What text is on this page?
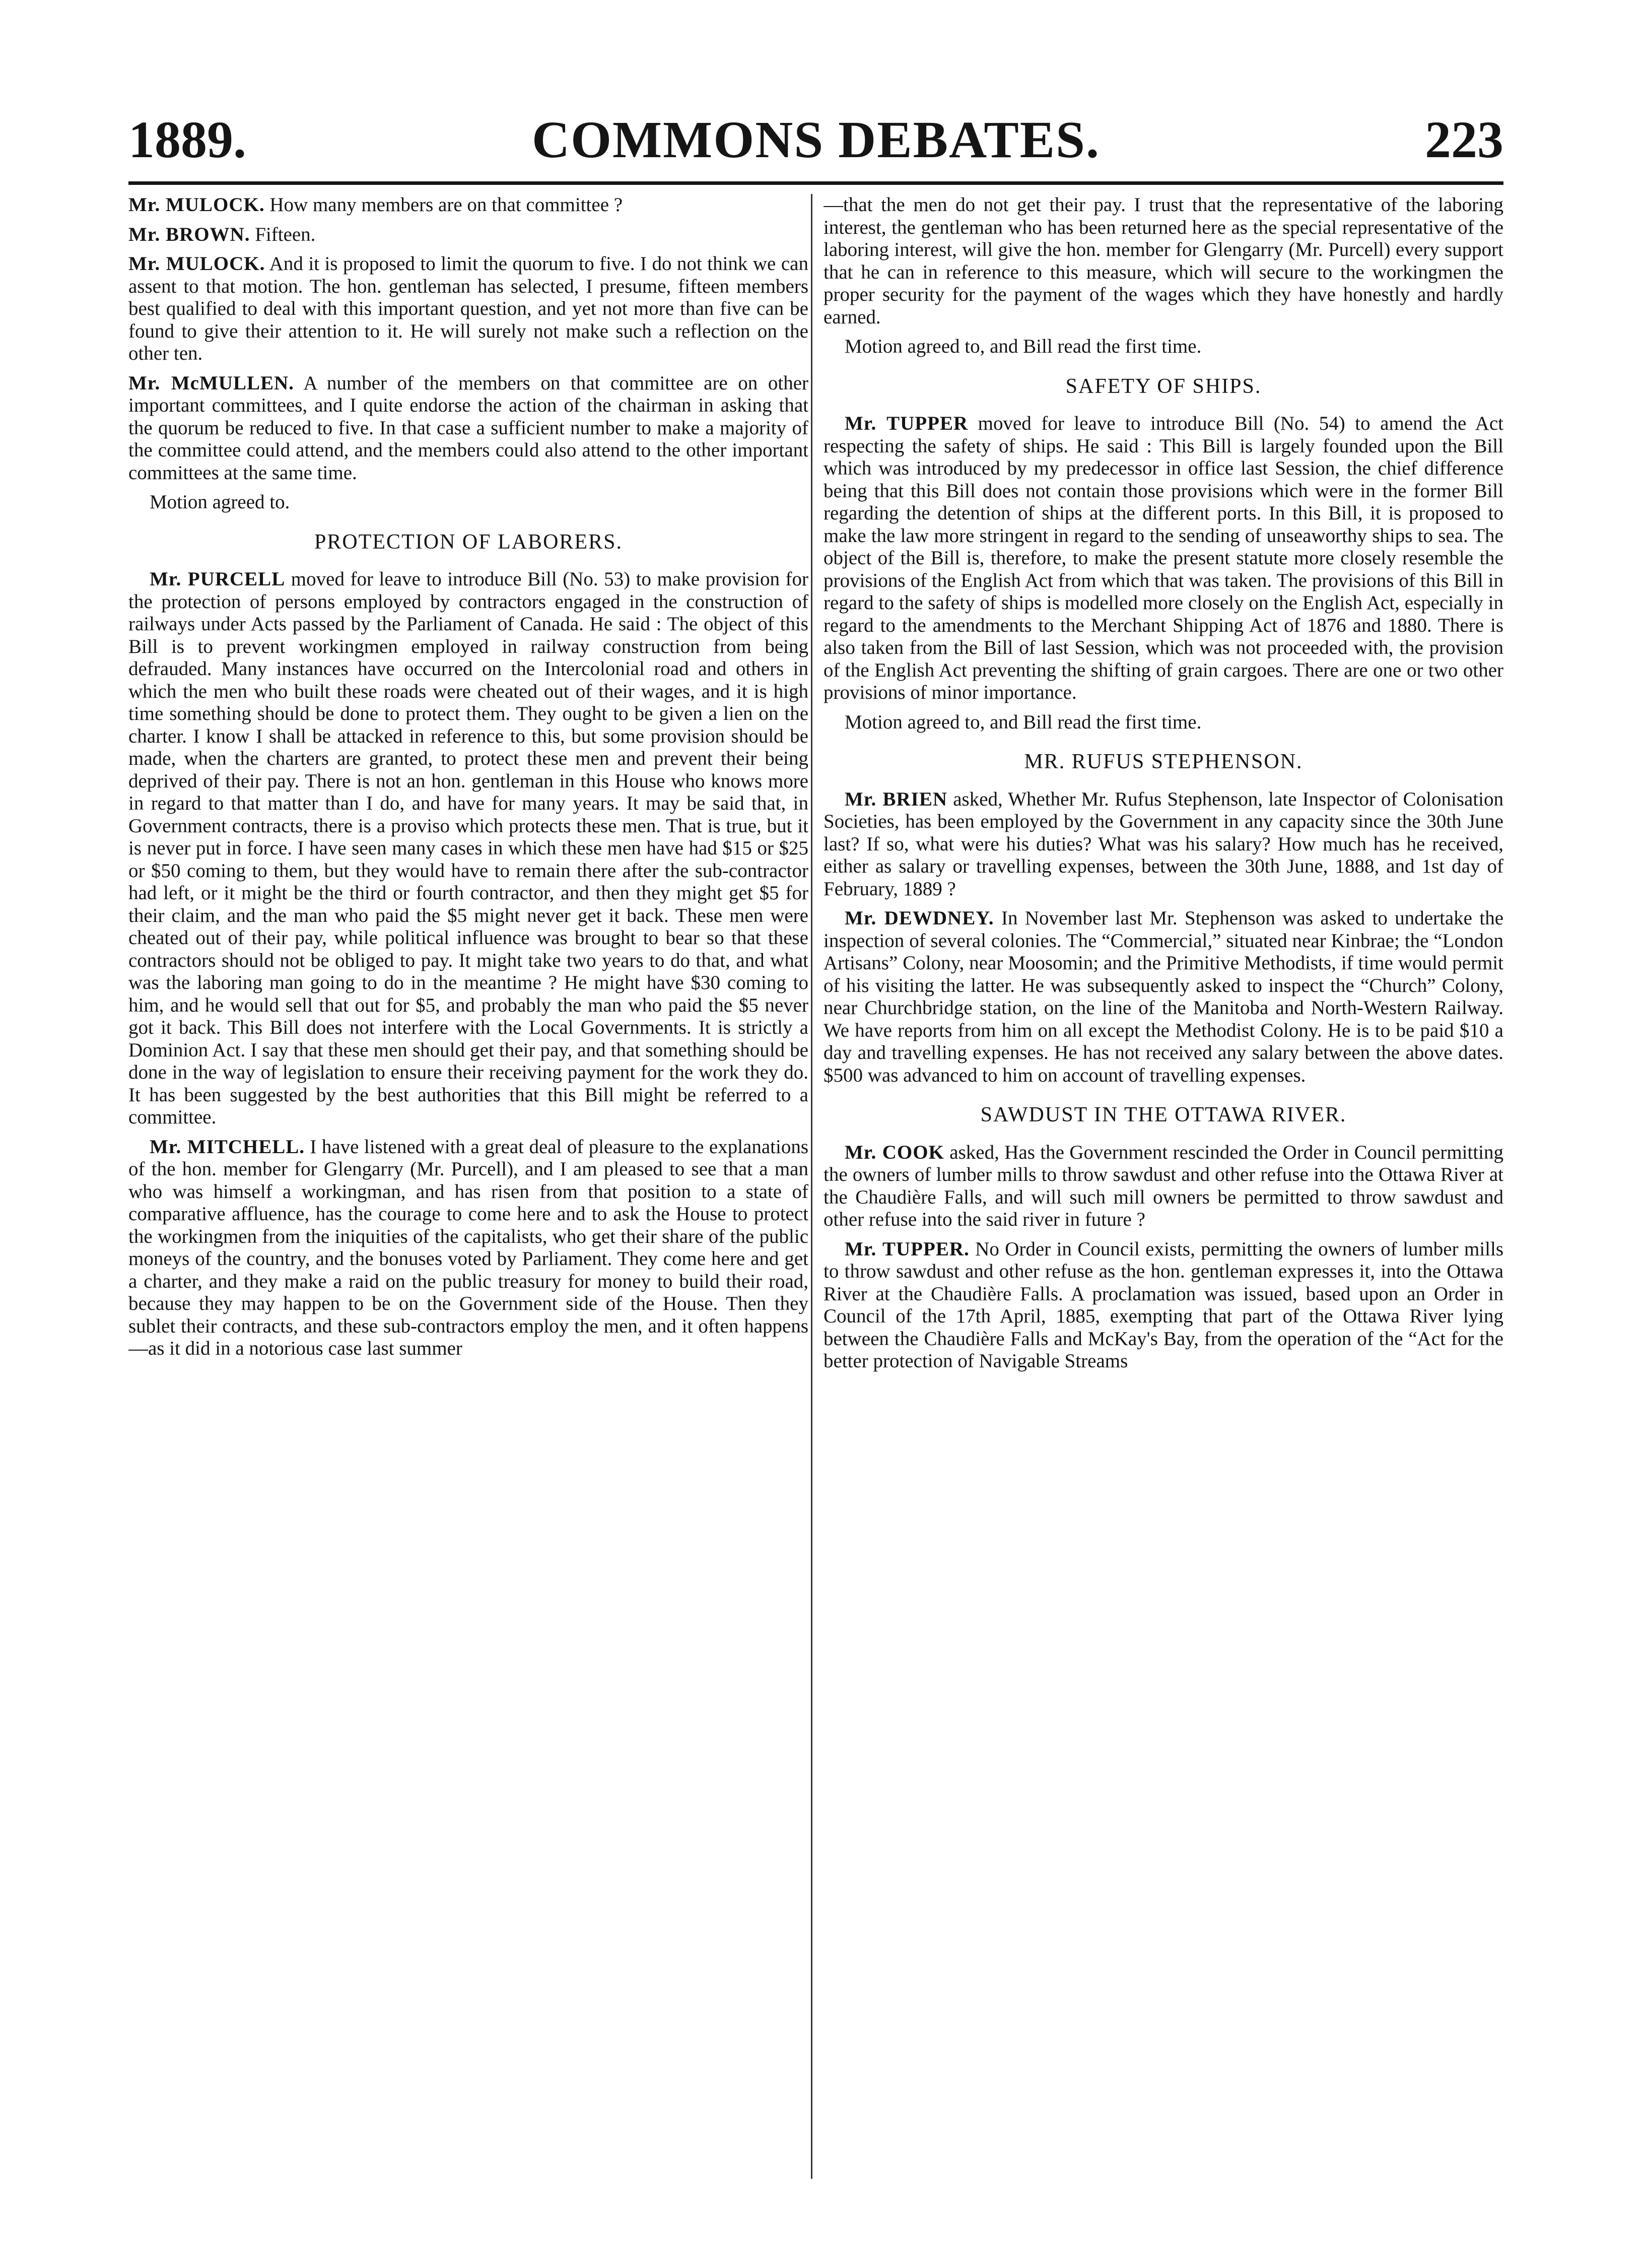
1889.	COMMONS DEBATES.	223

Mr. MULOCK. How many members are on that committee ?

Mr. BROWN. Fifteen.

Mr. MULOCK. And it is proposed to limit the quorum to five. I do not think we can assent to that motion. The hon. gentleman has selected, I presume, fifteen members best qualified to deal with this important question, and yet not more than five can be found to give their attention to it. He will surely not make such a reflection on the other ten.

Mr. McMULLEN. A number of the members on that committee are on other important committees, and I quite endorse the action of the chairman in asking that the quorum be reduced to five. In that case a sufficient number to make a majority of the committee could attend, and the members could also attend to the other important committees at the same time.

Motion agreed to.

PROTECTION OF LABORERS.

Mr. PURCELL moved for leave to introduce Bill (No. 53) to make provision for the protection of persons employed by contractors engaged in the construction of railways under Acts passed by the Parliament of Canada. He said : The object of this Bill is to prevent workingmen employed in railway construction from being defrauded. Many instances have occurred on the Intercolonial road and others in which the men who built these roads were cheated out of their wages, and it is high time something should be done to protect them. They ought to be given a lien on the charter. I know I shall be attacked in reference to this, but some provision should be made, when the charters are granted, to protect these men and prevent their being deprived of their pay. There is not an hon. gentleman in this House who knows more in regard to that matter than I do, and have for many years. It may be said that, in Government contracts, there is a proviso which protects these men. That is true, but it is never put in force. I have seen many cases in which these men have had $15 or $25 or $50 coming to them, but they would have to remain there after the sub-contractor had left, or it might be the third or fourth contractor, and then they might get $5 for their claim, and the man who paid the $5 might never get it back. These men were cheated out of their pay, while political influence was brought to bear so that these contractors should not be obliged to pay. It might take two years to do that, and what was the laboring man going to do in the meantime ? He might have $30 coming to him, and he would sell that out for $5, and probably the man who paid the $5 never got it back. This Bill does not interfere with the Local Governments. It is strictly a Dominion Act. I say that these men should get their pay, and that something should be done in the way of legislation to ensure their receiving payment for the work they do. It has been suggested by the best authorities that this Bill might be referred to a committee.

Mr. MITCHELL. I have listened with a great deal of pleasure to the explanations of the hon. member for Glengarry (Mr. Purcell), and I am pleased to see that a man who was himself a workingman, and has risen from that position to a state of comparative affluence, has the courage to come here and to ask the House to protect the workingmen from the iniquities of the capitalists, who get their share of the public moneys of the country, and the bonuses voted by Parliament. They come here and get a charter, and they make a raid on the public treasury for money to build their road, because they may happen to be on the Government side of the House. Then they sublet their contracts, and these sub-contractors employ the men, and it often happens—as it did in a notorious case last summer

—that the men do not get their pay. I trust that the representative of the laboring interest, the gentleman who has been returned here as the special representative of the laboring interest, will give the hon. member for Glengarry (Mr. Purcell) every support that he can in reference to this measure, which will secure to the workingmen the proper security for the payment of the wages which they have honestly and hardly earned.

Motion agreed to, and Bill read the first time.

SAFETY OF SHIPS.

Mr. TUPPER moved for leave to introduce Bill (No. 54) to amend the Act respecting the safety of ships. He said : This Bill is largely founded upon the Bill which was introduced by my predecessor in office last Session, the chief difference being that this Bill does not contain those provisions which were in the former Bill regarding the detention of ships at the different ports. In this Bill, it is proposed to make the law more stringent in regard to the sending of unseaworthy ships to sea. The object of the Bill is, therefore, to make the present statute more closely resemble the provisions of the English Act from which that was taken. The provisions of this Bill in regard to the safety of ships is modelled more closely on the English Act, especially in regard to the amendments to the Merchant Shipping Act of 1876 and 1880. There is also taken from the Bill of last Session, which was not proceeded with, the provision of the English Act preventing the shifting of grain cargoes. There are one or two other provisions of minor importance.

Motion agreed to, and Bill read the first time.

MR. RUFUS STEPHENSON.

Mr. BRIEN asked, Whether Mr. Rufus Stephenson, late Inspector of Colonisation Societies, has been employed by the Government in any capacity since the 30th June last? If so, what were his duties? What was his salary? How much has he received, either as salary or travelling expenses, between the 30th June, 1888, and 1st day of February, 1889 ?

Mr. DEWDNEY. In November last Mr. Stephenson was asked to undertake the inspection of several colonies. The “Commercial,” situated near Kinbrae; the “London Artisans” Colony, near Moosomin; and the Primitive Methodists, if time would permit of his visiting the latter. He was subsequently asked to inspect the “Church” Colony, near Churchbridge station, on the line of the Manitoba and North-Western Railway. We have reports from him on all except the Methodist Colony. He is to be paid $10 a day and travelling expenses. He has not received any salary between the above dates. $500 was advanced to him on account of travelling expenses.

SAWDUST IN THE OTTAWA RIVER.

Mr. COOK asked, Has the Government rescinded the Order in Council permitting the owners of lumber mills to throw sawdust and other refuse into the Ottawa River at the Chaudière Falls, and will such mill owners be permitted to throw sawdust and other refuse into the said river in future ?

Mr. TUPPER. No Order in Council exists, permitting the owners of lumber mills to throw sawdust and other refuse as the hon. gentleman expresses it, into the Ottawa River at the Chaudière Falls. A proclamation was issued, based upon an Order in Council of the 17th April, 1885, exempting that part of the Ottawa River lying between the Chaudière Falls and McKay's Bay, from the operation of the “Act for the better protection of Navigable Streams
